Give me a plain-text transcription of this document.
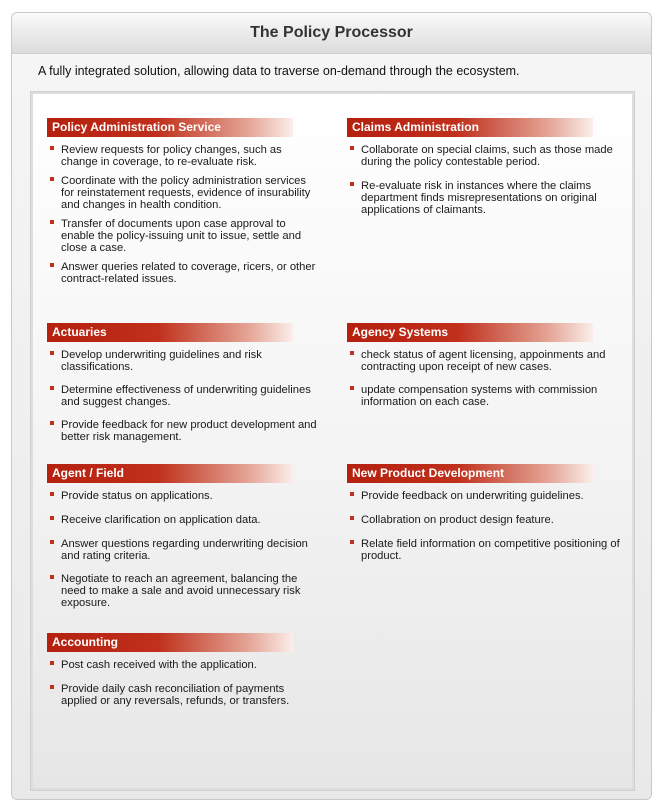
The Policy Processor
A fully integrated solution, allowing data to traverse on-demand through the ecosystem.
Policy Administration Service
Review requests for policy changes, such as change in coverage, to re-evaluate risk.
Coordinate with the policy administration services for reinstatement requests, evidence of insurability and changes in health condition.
Transfer of documents upon case approval to enable the policy-issuing unit to issue, settle and close a case.
Answer queries related to coverage, ricers, or other contract-related issues.
Claims Administration
Collaborate on special claims, such as those made during the policy contestable period.
Re-evaluate risk in instances where the claims department finds misrepresentations on original applications of claimants.
Actuaries
Develop underwriting guidelines and risk classifications.
Determine effectiveness of underwriting guidelines and suggest changes.
Provide feedback for new product development and better risk management.
Agency Systems
check status of agent licensing, appoinments and contracting upon receipt of new cases.
update compensation systems with commission information on each case.
Agent / Field
Provide status on applications.
Receive clarification on application data.
Answer questions regarding underwriting decision and rating criteria.
Negotiate to reach an agreement, balancing the need to make a sale and avoid unnecessary risk exposure.
New Product Development
Provide feedback on underwriting guidelines.
Collabration on product design feature.
Relate field information on competitive positioning of product.
Accounting
Post cash received with the application.
Provide daily cash reconciliation of payments applied or any reversals, refunds, or transfers.
